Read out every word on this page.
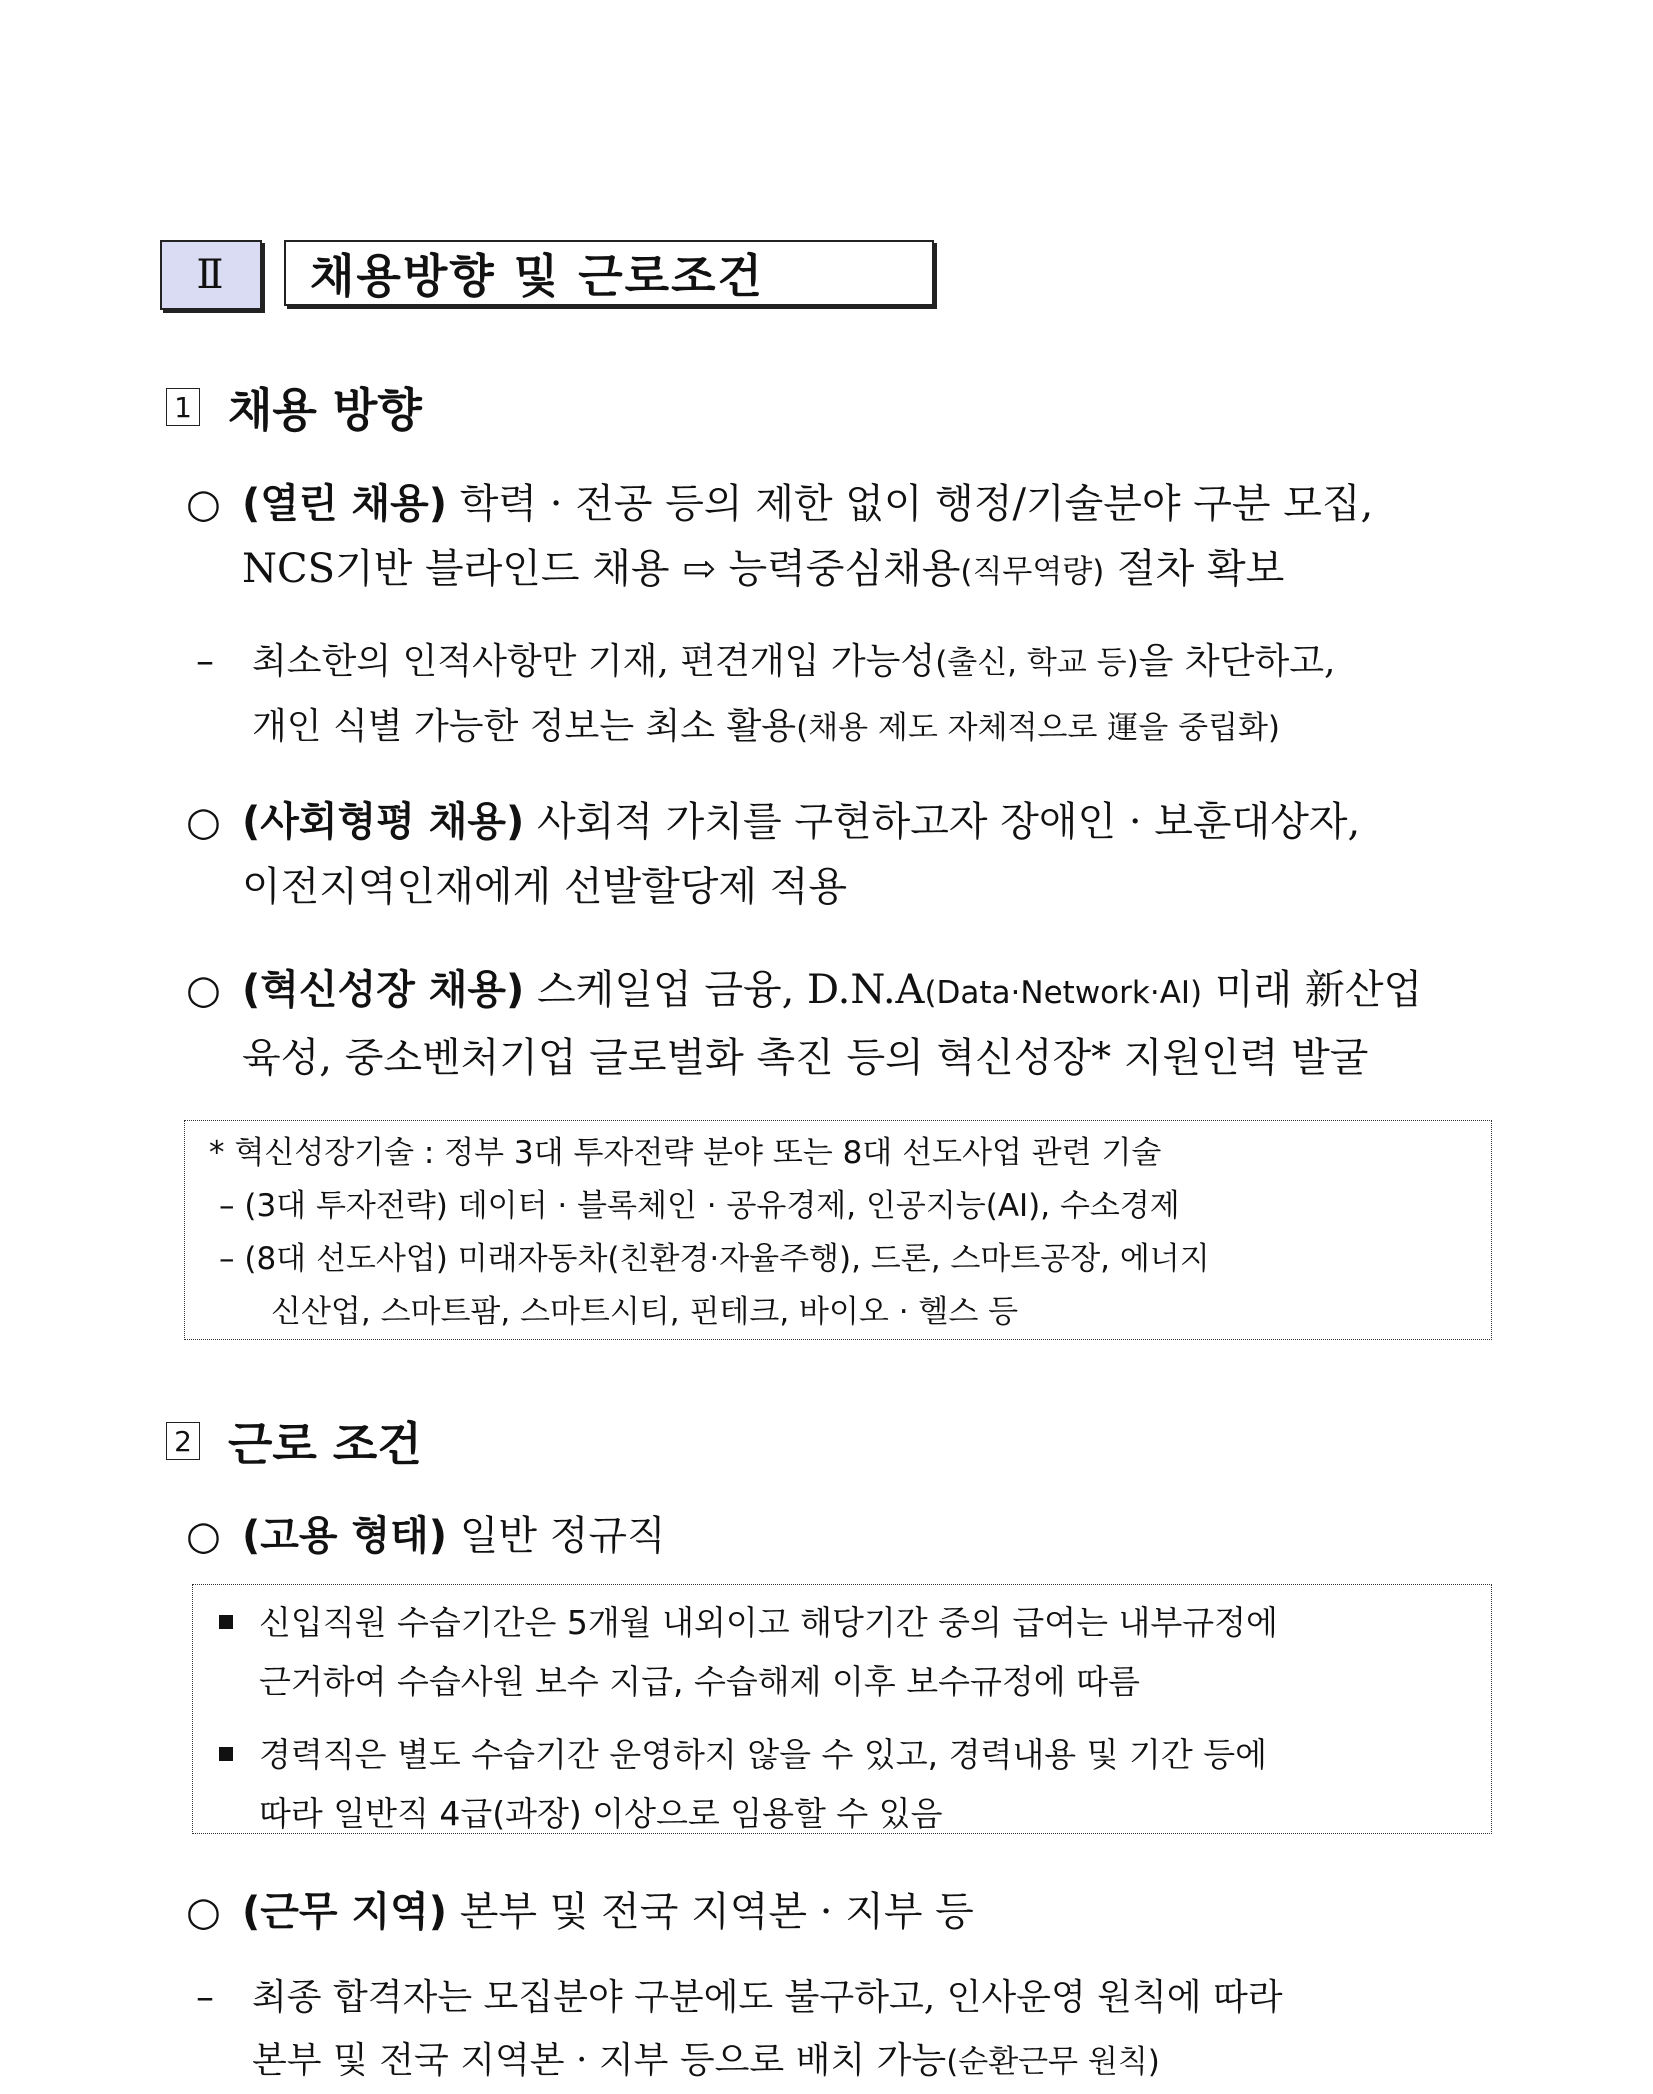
Ⅱ 채용방향 및 근로조건
1 채용 방향
○ (열린 채용) 학력 · 전공 등의 제한 없이 행정/기술분야 구분 모집,
NCS기반 블라인드 채용 ⇨ 능력중심채용(직무역량) 절차 확보
– 최소한의 인적사항만 기재, 편견개입 가능성(출신, 학교 등)을 차단하고,
개인 식별 가능한 정보는 최소 활용(채용 제도 자체적으로 運을 중립화)
○ (사회형평 채용) 사회적 가치를 구현하고자 장애인 · 보훈대상자,
이전지역인재에게 선발할당제 적용
○ (혁신성장 채용) 스케일업 금융, D.N.A(Data·Network·AI) 미래 新산업
육성, 중소벤처기업 글로벌화 촉진 등의 혁신성장* 지원인력 발굴
* 혁신성장기술 : 정부 3대 투자전략 분야 또는 8대 선도사업 관련 기술
– (3대 투자전략) 데이터 · 블록체인 · 공유경제, 인공지능(AI), 수소경제
– (8대 선도사업) 미래자동차(친환경·자율주행), 드론, 스마트공장, 에너지
신산업, 스마트팜, 스마트시티, 핀테크, 바이오 · 헬스 등
2 근로 조건
○ (고용 형태) 일반 정규직
신입직원 수습기간은 5개월 내외이고 해당기간 중의 급여는 내부규정에
근거하여 수습사원 보수 지급, 수습해제 이후 보수규정에 따름
경력직은 별도 수습기간 운영하지 않을 수 있고, 경력내용 및 기간 등에
따라 일반직 4급(과장) 이상으로 임용할 수 있음
○ (근무 지역) 본부 및 전국 지역본 · 지부 등
– 최종 합격자는 모집분야 구분에도 불구하고, 인사운영 원칙에 따라
본부 및 전국 지역본 · 지부 등으로 배치 가능(순환근무 원칙)
